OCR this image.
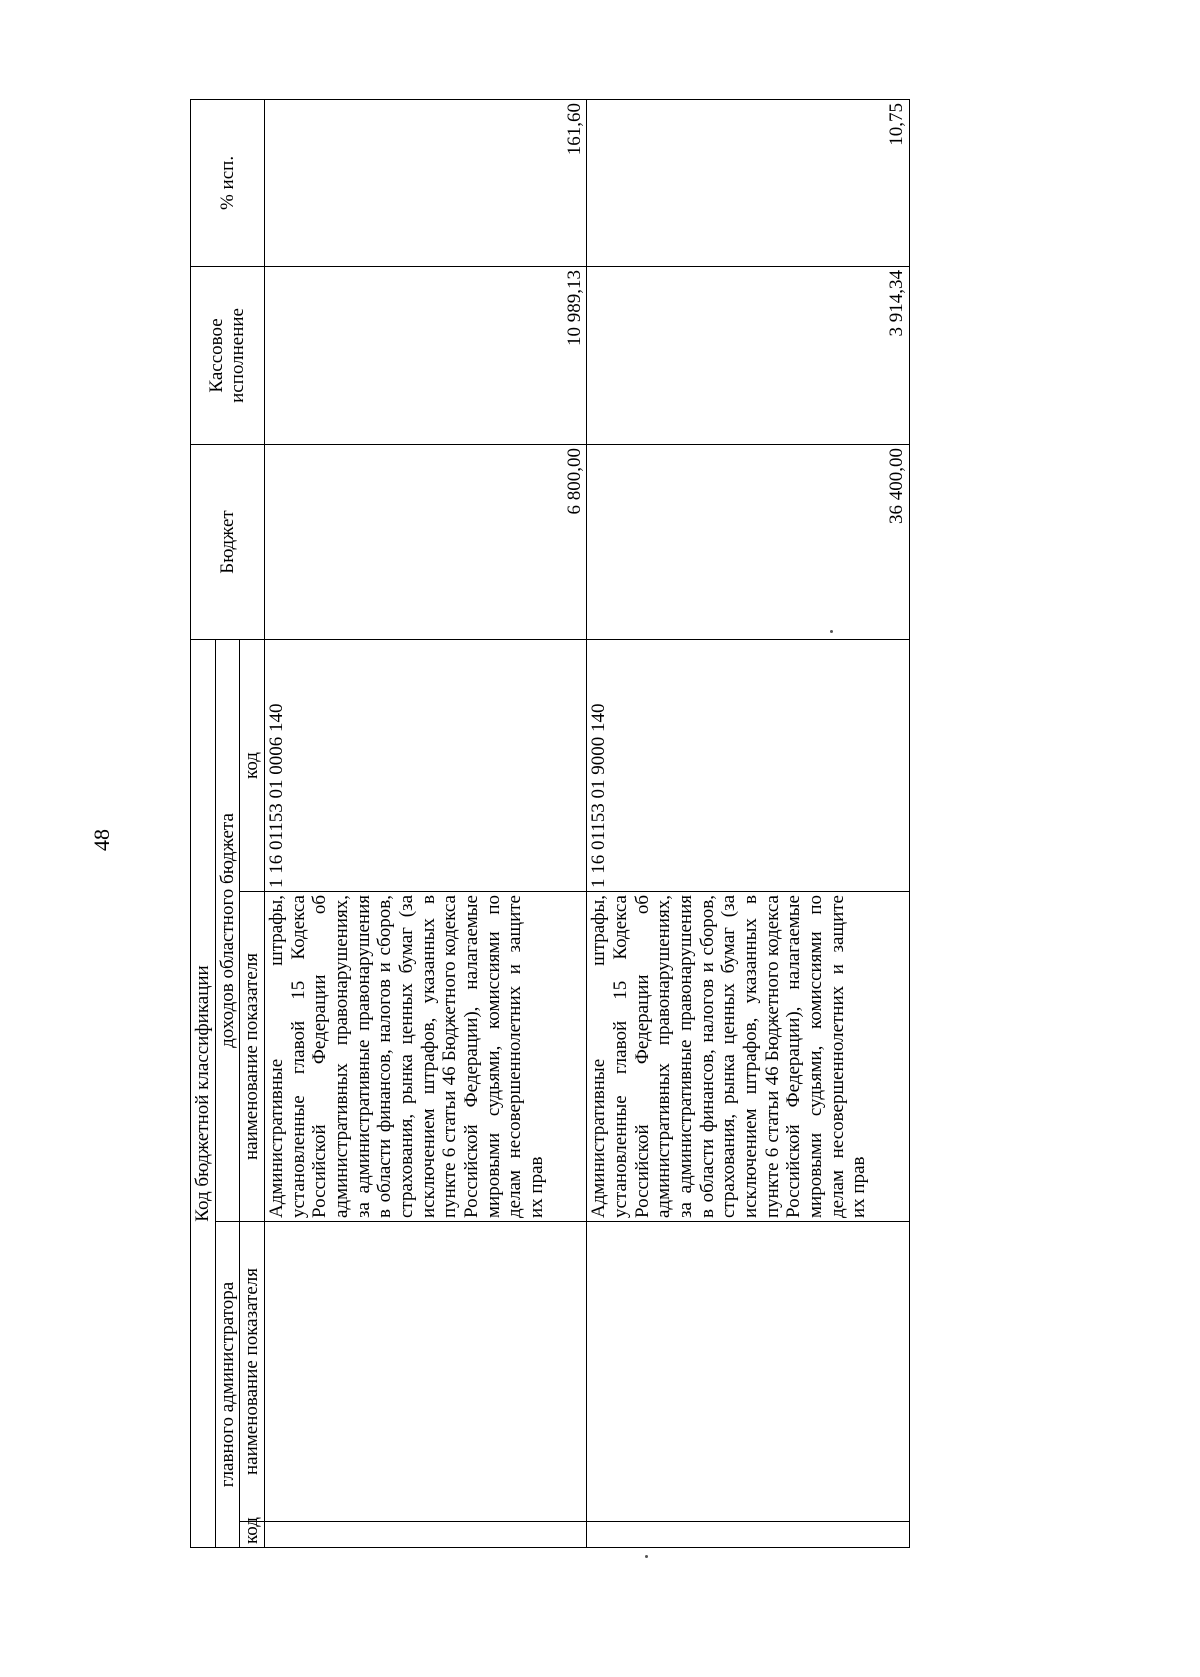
48
Код бюджетной классификации				Бюджет	Кассовое исполнение	% исп.
главного администратора		доходов областного бюджета				
код	наименование показателя	наименование показателя	код			
		Административные штрафы, установленные главой 15 Кодекса Российской Федерации об административных правонарушениях, за административные правонарушения в области финансов, налогов и сборов, страхования, рынка ценных бумаг (за исключением штрафов, указанных в пункте 6 статьи 46 Бюджетного кодекса Российской Федерации), налагаемые мировыми судьями, комиссиями по делам несовершеннолетних и защите их прав	1 16 01153 01 0006 140	6 800,00	10 989,13	161,60
		Административные штрафы, установленные главой 15 Кодекса Российской Федерации об административных правонарушениях, за административные правонарушения в области финансов, налогов и сборов, страхования, рынка ценных бумаг (за исключением штрафов, указанных в пункте 6 статьи 46 Бюджетного кодекса Российской Федерации), налагаемые мировыми судьями, комиссиями по делам несовершеннолетних и защите их прав	1 16 01153 01 9000 140	36 400,00	3 914,34	10,75
